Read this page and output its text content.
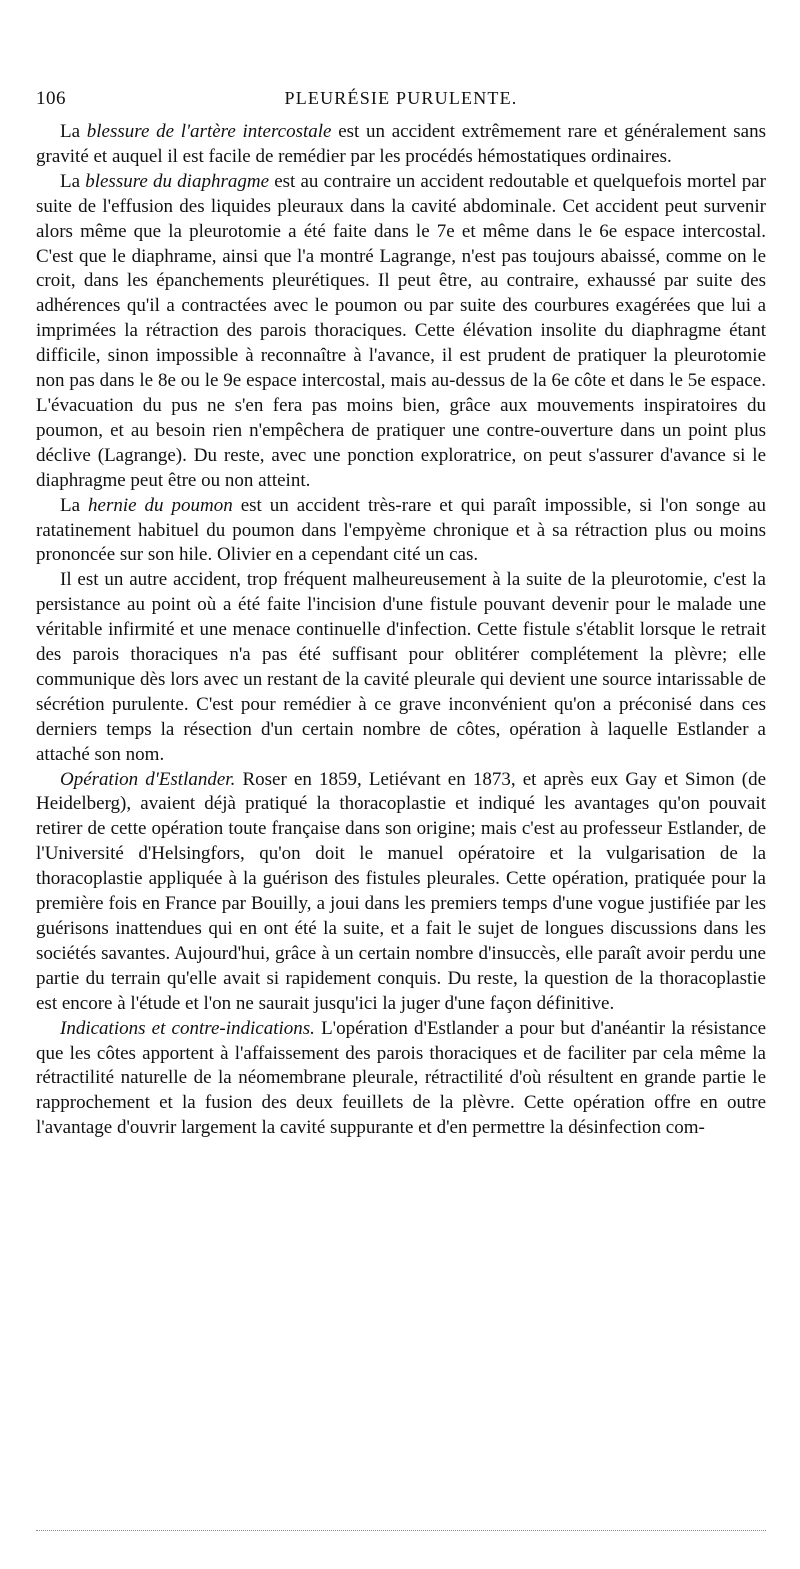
106	PLEURÉSIE PURULENTE.

La blessure de l'artère intercostale est un accident extrêmement rare et généralement sans gravité et auquel il est facile de remédier par les procédés hémostatiques ordinaires.

La blessure du diaphragme est au contraire un accident redoutable et quelquefois mortel par suite de l'effusion des liquides pleuraux dans la cavité abdominale. Cet accident peut survenir alors même que la pleurotomie a été faite dans le 7e et même dans le 6e espace intercostal. C'est que le diaphrame, ainsi que l'a montré Lagrange, n'est pas toujours abaissé, comme on le croit, dans les épanchements pleurétiques. Il peut être, au contraire, exhaussé par suite des adhérences qu'il a contractées avec le poumon ou par suite des courbures exagérées que lui a imprimées la rétraction des parois thoraciques. Cette élévation insolite du diaphragme étant difficile, sinon impossible à reconnaître à l'avance, il est prudent de pratiquer la pleurotomie non pas dans le 8e ou le 9e espace intercostal, mais au-dessus de la 6e côte et dans le 5e espace. L'évacuation du pus ne s'en fera pas moins bien, grâce aux mouvements inspiratoires du poumon, et au besoin rien n'empêchera de pratiquer une contre-ouverture dans un point plus déclive (Lagrange). Du reste, avec une ponction exploratrice, on peut s'assurer d'avance si le diaphragme peut être ou non atteint.

La hernie du poumon est un accident très-rare et qui paraît impossible, si l'on songe au ratatinement habituel du poumon dans l'empyème chronique et à sa rétraction plus ou moins prononcée sur son hile. Olivier en a cependant cité un cas.

Il est un autre accident, trop fréquent malheureusement à la suite de la pleurotomie, c'est la persistance au point où a été faite l'incision d'une fistule pouvant devenir pour le malade une véritable infirmité et une menace continuelle d'infection. Cette fistule s'établit lorsque le retrait des parois thoraciques n'a pas été suffisant pour oblitérer complétement la plèvre; elle communique dès lors avec un restant de la cavité pleurale qui devient une source intarissable de sécrétion purulente. C'est pour remédier à ce grave inconvénient qu'on a préconisé dans ces derniers temps la résection d'un certain nombre de côtes, opération à laquelle Estlander a attaché son nom.

Opération d'Estlander. Roser en 1859, Letiévant en 1873, et après eux Gay et Simon (de Heidelberg), avaient déjà pratiqué la thoracoplastie et indiqué les avantages qu'on pouvait retirer de cette opération toute française dans son origine; mais c'est au professeur Estlander, de l'Université d'Helsingfors, qu'on doit le manuel opératoire et la vulgarisation de la thoracoplastie appliquée à la guérison des fistules pleurales. Cette opération, pratiquée pour la première fois en France par Bouilly, a joui dans les premiers temps d'une vogue justifiée par les guérisons inattendues qui en ont été la suite, et a fait le sujet de longues discussions dans les sociétés savantes. Aujourd'hui, grâce à un certain nombre d'insuccès, elle paraît avoir perdu une partie du terrain qu'elle avait si rapidement conquis. Du reste, la question de la thoracoplastie est encore à l'étude et l'on ne saurait jusqu'ici la juger d'une façon définitive.

Indications et contre-indications. L'opération d'Estlander a pour but d'anéantir la résistance que les côtes apportent à l'affaissement des parois thoraciques et de faciliter par cela même la rétractilité naturelle de la néomembrane pleurale, rétractilité d'où résultent en grande partie le rapprochement et la fusion des deux feuillets de la plèvre. Cette opération offre en outre l'avantage d'ouvrir largement la cavité suppurante et d'en permettre la désinfection com-
